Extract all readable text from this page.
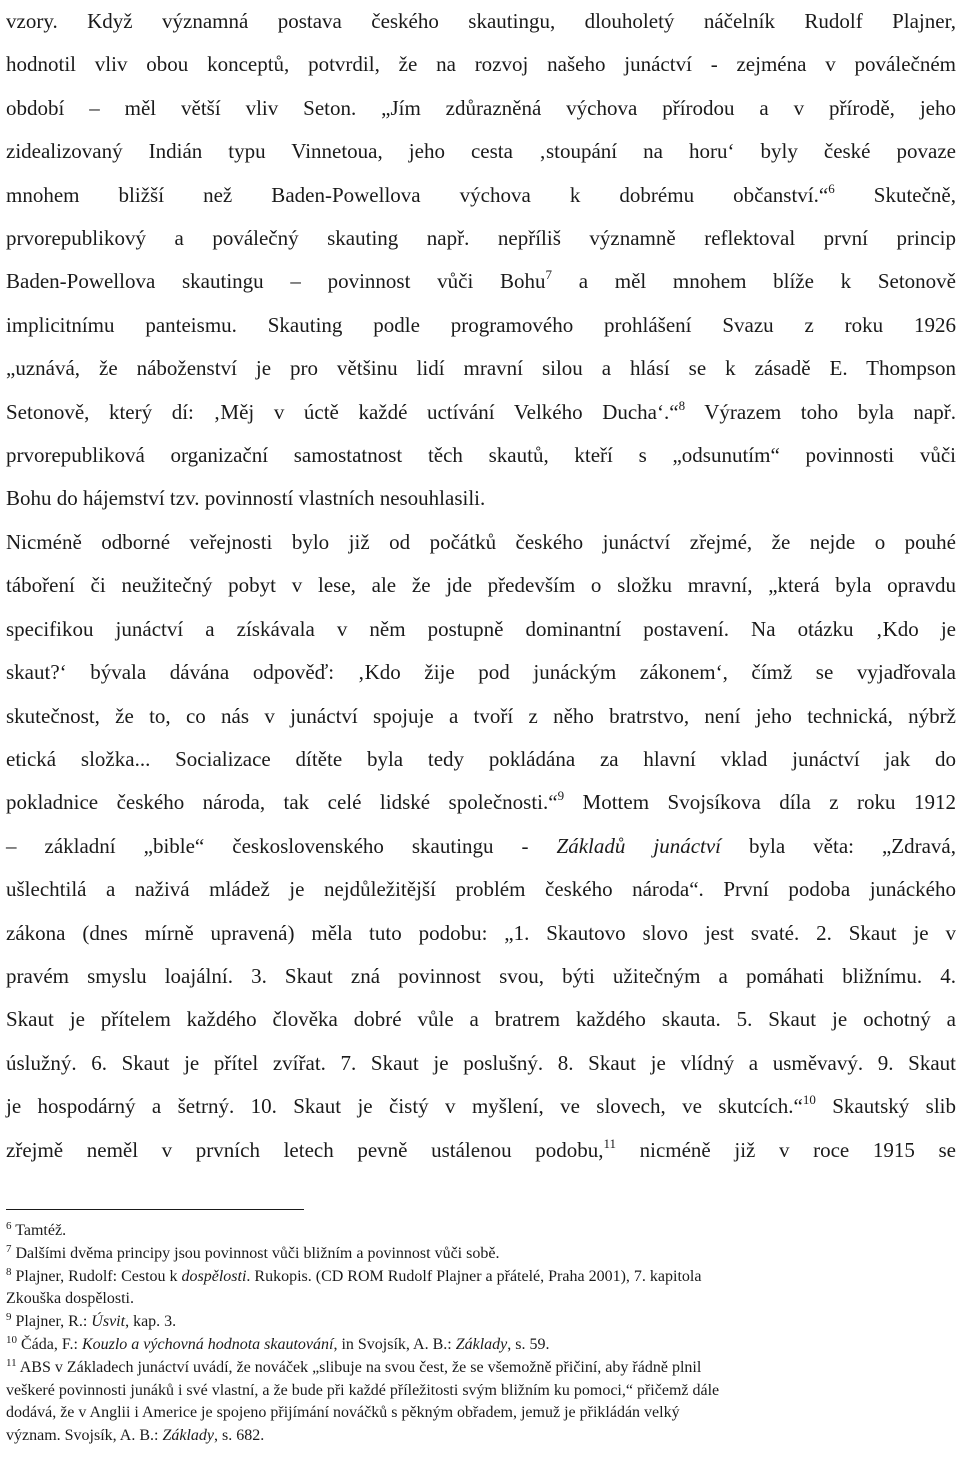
vzory. Když významná postava českého skautingu, dlouholetý náčelník Rudolf Plajner,
hodnotil vliv obou konceptů, potvrdil, že na rozvoj našeho junáctví - zejména v poválečném
období – měl větší vliv Seton. „Jím zdůrazněná výchova přírodou a v přírodě, jeho
zidealizovaný Indián typu Vinnetoua, jeho cesta ‚stoupání na horu‘ byly české povaze
mnohem bližší než Baden-Powellova výchova k dobrému občanství.“$^6$ Skutečně,
prvorepublikový a poválečný skauting např. nepříliš významně reflektoval první princip
Baden-Powellova skautingu – povinnost vůči Bohu$^7$ a měl mnohem blíže k Setonově
implicitnímu panteismu. Skauting podle programového prohlášení Svazu z roku 1926
„uznává, že náboženství je pro většinu lidí mravní silou a hlásí se k zásadě E. Thompson
Setonově, který dí: ‚Měj v úctě každé uctívání Velkého Ducha‘.“$^8$ Výrazem toho byla např.
prvorepubliková organizační samostatnost těch skautů, kteří s „odsunutím“ povinnosti vůči
Bohu do hájemství tzv. povinností vlastních nesouhlasili.
Nicméně odborné veřejnosti bylo již od počátků českého junáctví zřejmé, že nejde o pouhé
táboření či neužitečný pobyt v lese, ale že jde především o složku mravní, „která byla opravdu
specifikou junáctví a získávala v něm postupně dominantní postavení. Na otázku ‚Kdo je
skaut?‘ bývala dávána odpověď: ‚Kdo žije pod junáckým zákonem‘, čímž se vyjadřovala
skutečnost, že to, co nás v junáctví spojuje a tvoří z něho bratrstvo, není jeho technická, nýbrž
etická složka... Socializace dítěte byla tedy pokládána za hlavní vklad junáctví jak do
pokladnice českého národa, tak celé lidské společnosti.“$^9$ Mottem Svojsíkova díla z roku 1912
– základní „bible“ československého skautingu - Základů junáctví byla věta: „Zdravá,
ušlechtilá a naživá mládež je nejdůležitější problém českého národa“. První podoba junáckého
zákona (dnes mírně upravená) měla tuto podobu: „1. Skautovo slovo jest svaté. 2. Skaut je v
pravém smyslu loajální. 3. Skaut zná povinnost svou, býti užitečným a pomáhati bližnímu. 4.
Skaut je přítelem každého člověka dobré vůle a bratrem každého skauta. 5. Skaut je ochotný a
úslužný. 6. Skaut je přítel zvířat. 7. Skaut je poslušný. 8. Skaut je vlídný a usměvavý. 9. Skaut
je hospodárný a šetrný. 10. Skaut je čistý v myšlení, ve slovech, ve skutcích.“$^{10}$ Skautský slib
zřejmě neměl v prvních letech pevně ustálenou podobu,$^{11}$ nicméně již v roce 1915 se
$^6$ Tamtéž.
$^7$ Dalšími dvěma principy jsou povinnost vůči bližním a povinnost vůči sobě.
$^8$ Plajner, Rudolf: Cestou k dospělosti. Rukopis. (CD ROM Rudolf Plajner a přátelé, Praha 2001), 7. kapitola
Zkouška dospělosti.
$^9$ Plajner, R.: Úsvit, kap. 3.
$^{10}$ Čáda, F.: Kouzlo a výchovná hodnota skautování, in Svojsík, A. B.: Základy, s. 59.
$^{11}$ ABS v Základech junáctví uvádí, že nováček „slibuje na svou čest, že se všemožně přičiní, aby řádně plnil
veškeré povinnosti junáků i své vlastní, a že bude při každé příležitosti svým bližním ku pomoci,“ přičemž dále
dodává, že v Anglii i Americe je spojeno přijímání nováčků s pěkným obřadem, jemuž je přikládán velký
význam. Svojsík, A. B.: Základy, s. 682.
